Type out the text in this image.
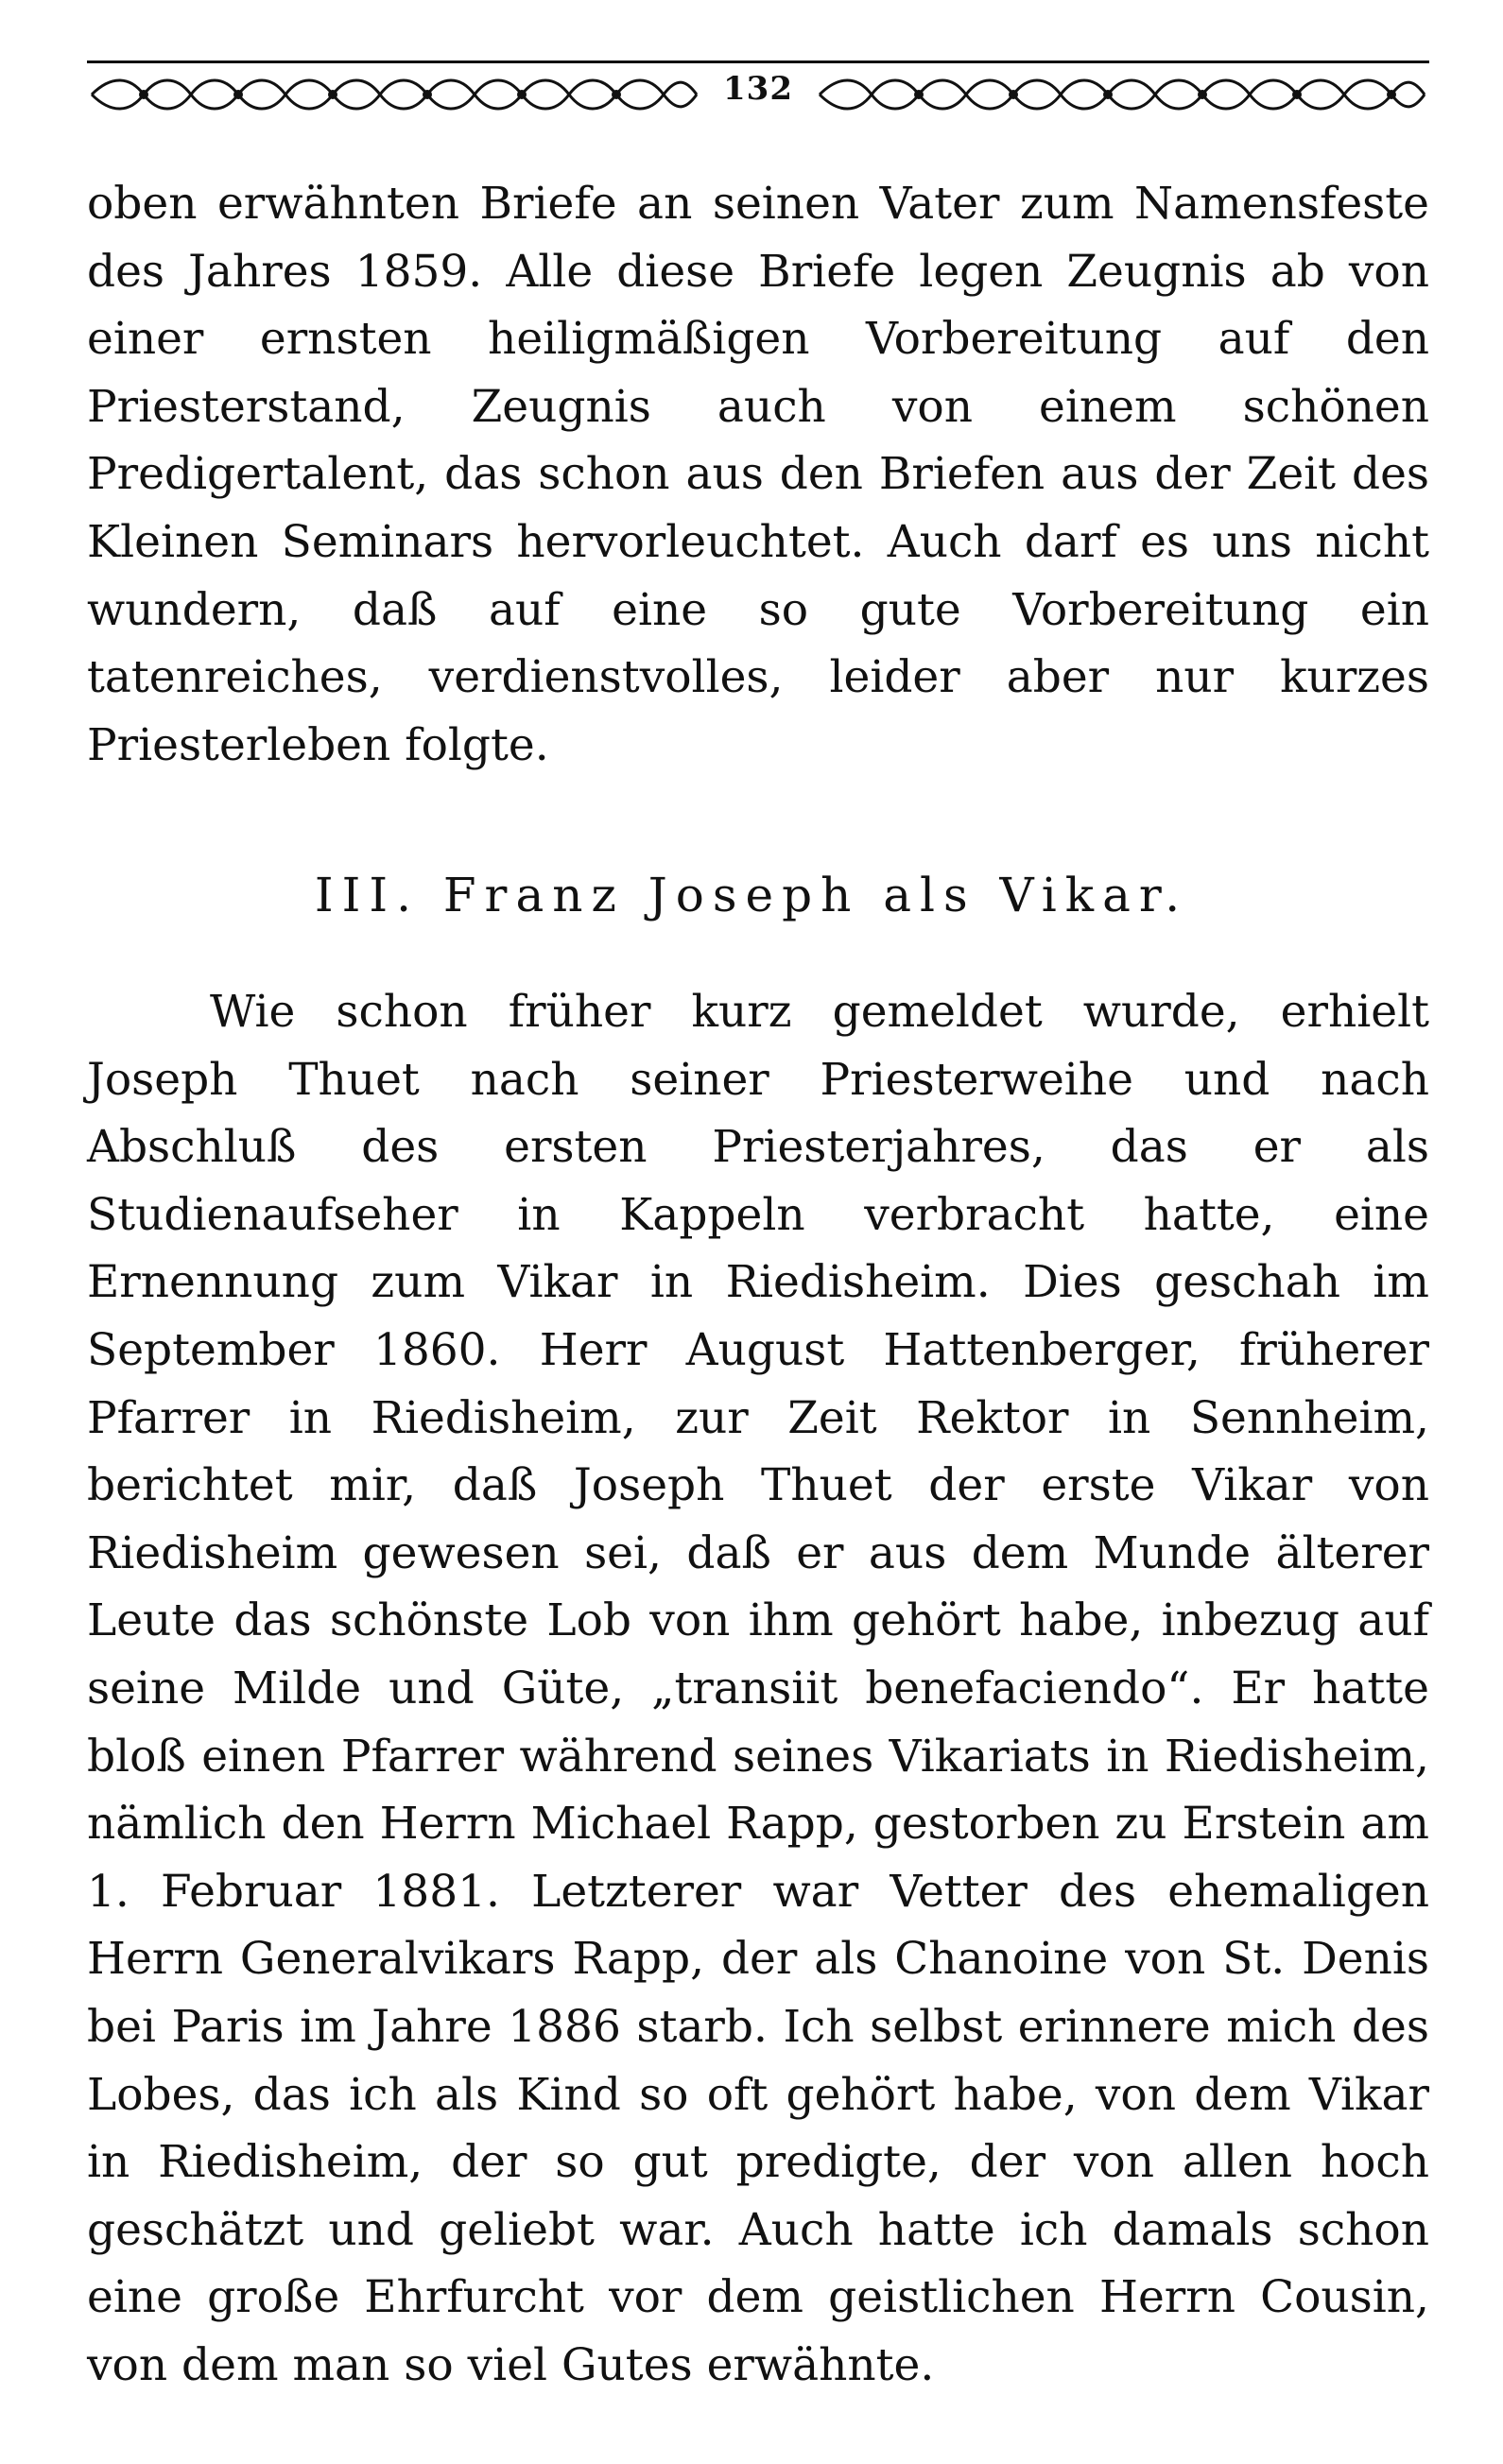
132

oben erwähnten Briefe an seinen Vater zum Namensfeste des Jahres 1859. Alle diese Briefe legen Zeugnis ab von einer ernsten heiligmäßigen Vorbereitung auf den Priesterstand, Zeugnis auch von einem schönen Predigertalent, das schon aus den Briefen aus der Zeit des Kleinen Seminars hervorleuchtet. Auch darf es uns nicht wundern, daß auf eine so gute Vorbereitung ein tatenreiches, verdienstvolles, leider aber nur kurzes Priesterleben folgte.

III. Franz Joseph als Vikar.

Wie schon früher kurz gemeldet wurde, erhielt Joseph Thuet nach seiner Priesterweihe und nach Abschluß des ersten Priesterjahres, das er als Studienaufseher in Kappeln verbracht hatte, eine Ernennung zum Vikar in Riedisheim. Dies geschah im September 1860. Herr August Hattenberger, früherer Pfarrer in Riedisheim, zur Zeit Rektor in Sennheim, berichtet mir, daß Joseph Thuet der erste Vikar von Riedisheim gewesen sei, daß er aus dem Munde älterer Leute das schönste Lob von ihm gehört habe, inbezug auf seine Milde und Güte, „transiit benefaciendo“. Er hatte bloß einen Pfarrer während seines Vikariats in Riedisheim, nämlich den Herrn Michael Rapp, gestorben zu Erstein am 1. Februar 1881. Letzterer war Vetter des ehemaligen Herrn Generalvikars Rapp, der als Chanoine von St. Denis bei Paris im Jahre 1886 starb. Ich selbst erinnere mich des Lobes, das ich als Kind so oft gehört habe, von dem Vikar in Riedisheim, der so gut predigte, der von allen hoch geschätzt und geliebt war. Auch hatte ich damals schon eine große Ehrfurcht vor dem geistlichen Herrn Cousin, von dem man so viel Gutes erwähnte.
